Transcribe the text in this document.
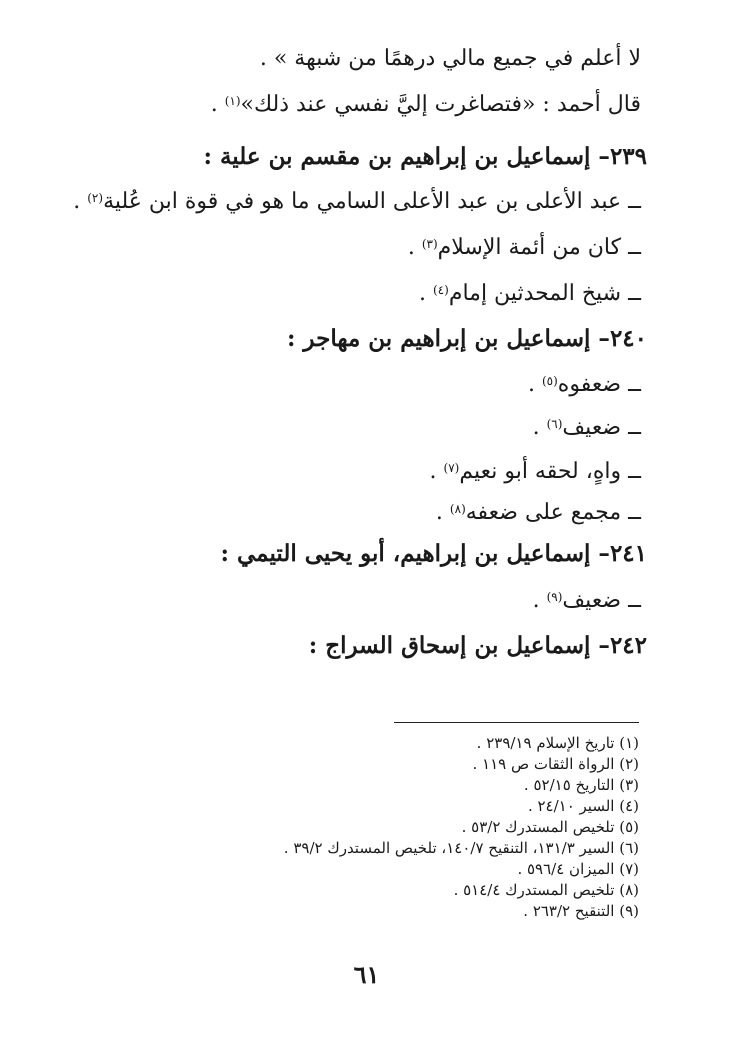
لا أعلم في جميع مالي درهمًا من شبهة » .
قال أحمد : «فتصاغرت إليَّ نفسي عند ذلك»$^{(١)}$ .
٢٣٩– إسماعيل بن إبراهيم بن مقسم بن علية :
ــ عبد الأعلى بن عبد الأعلى السامي ما هو في قوة ابن عُلية$^{(٢)}$ .
ــ كان من أئمة الإسلام$^{(٣)}$ .
ــ شيخ المحدثين إمام$^{(٤)}$ .
٢٤٠– إسماعيل بن إبراهيم بن مهاجر :
ــ ضعفوه$^{(٥)}$ .
ــ ضعيف$^{(٦)}$ .
ــ واهٍ، لحقه أبو نعيم$^{(٧)}$ .
ــ مجمع على ضعفه$^{(٨)}$ .
٢٤١– إسماعيل بن إبراهيم، أبو يحيى التيمي :
ــ ضعيف$^{(٩)}$ .
٢٤٢– إسماعيل بن إسحاق السراج :
(١) تاريخ الإسلام ٢٣٩/١٩ .
(٢) الرواة الثقات ص ١١٩ .
(٣) التاريخ ٥٢/١٥ .
(٤) السير ٢٤/١٠ .
(٥) تلخيص المستدرك ٥٣/٢ .
(٦) السير ١٣١/٣، التنقيح ١٤٠/٧، تلخيص المستدرك ٣٩/٢ .
(٧) الميزان ٥٩٦/٤ .
(٨) تلخيص المستدرك ٥١٤/٤ .
(٩) التنقيح ٢٦٣/٢ .
٦١
